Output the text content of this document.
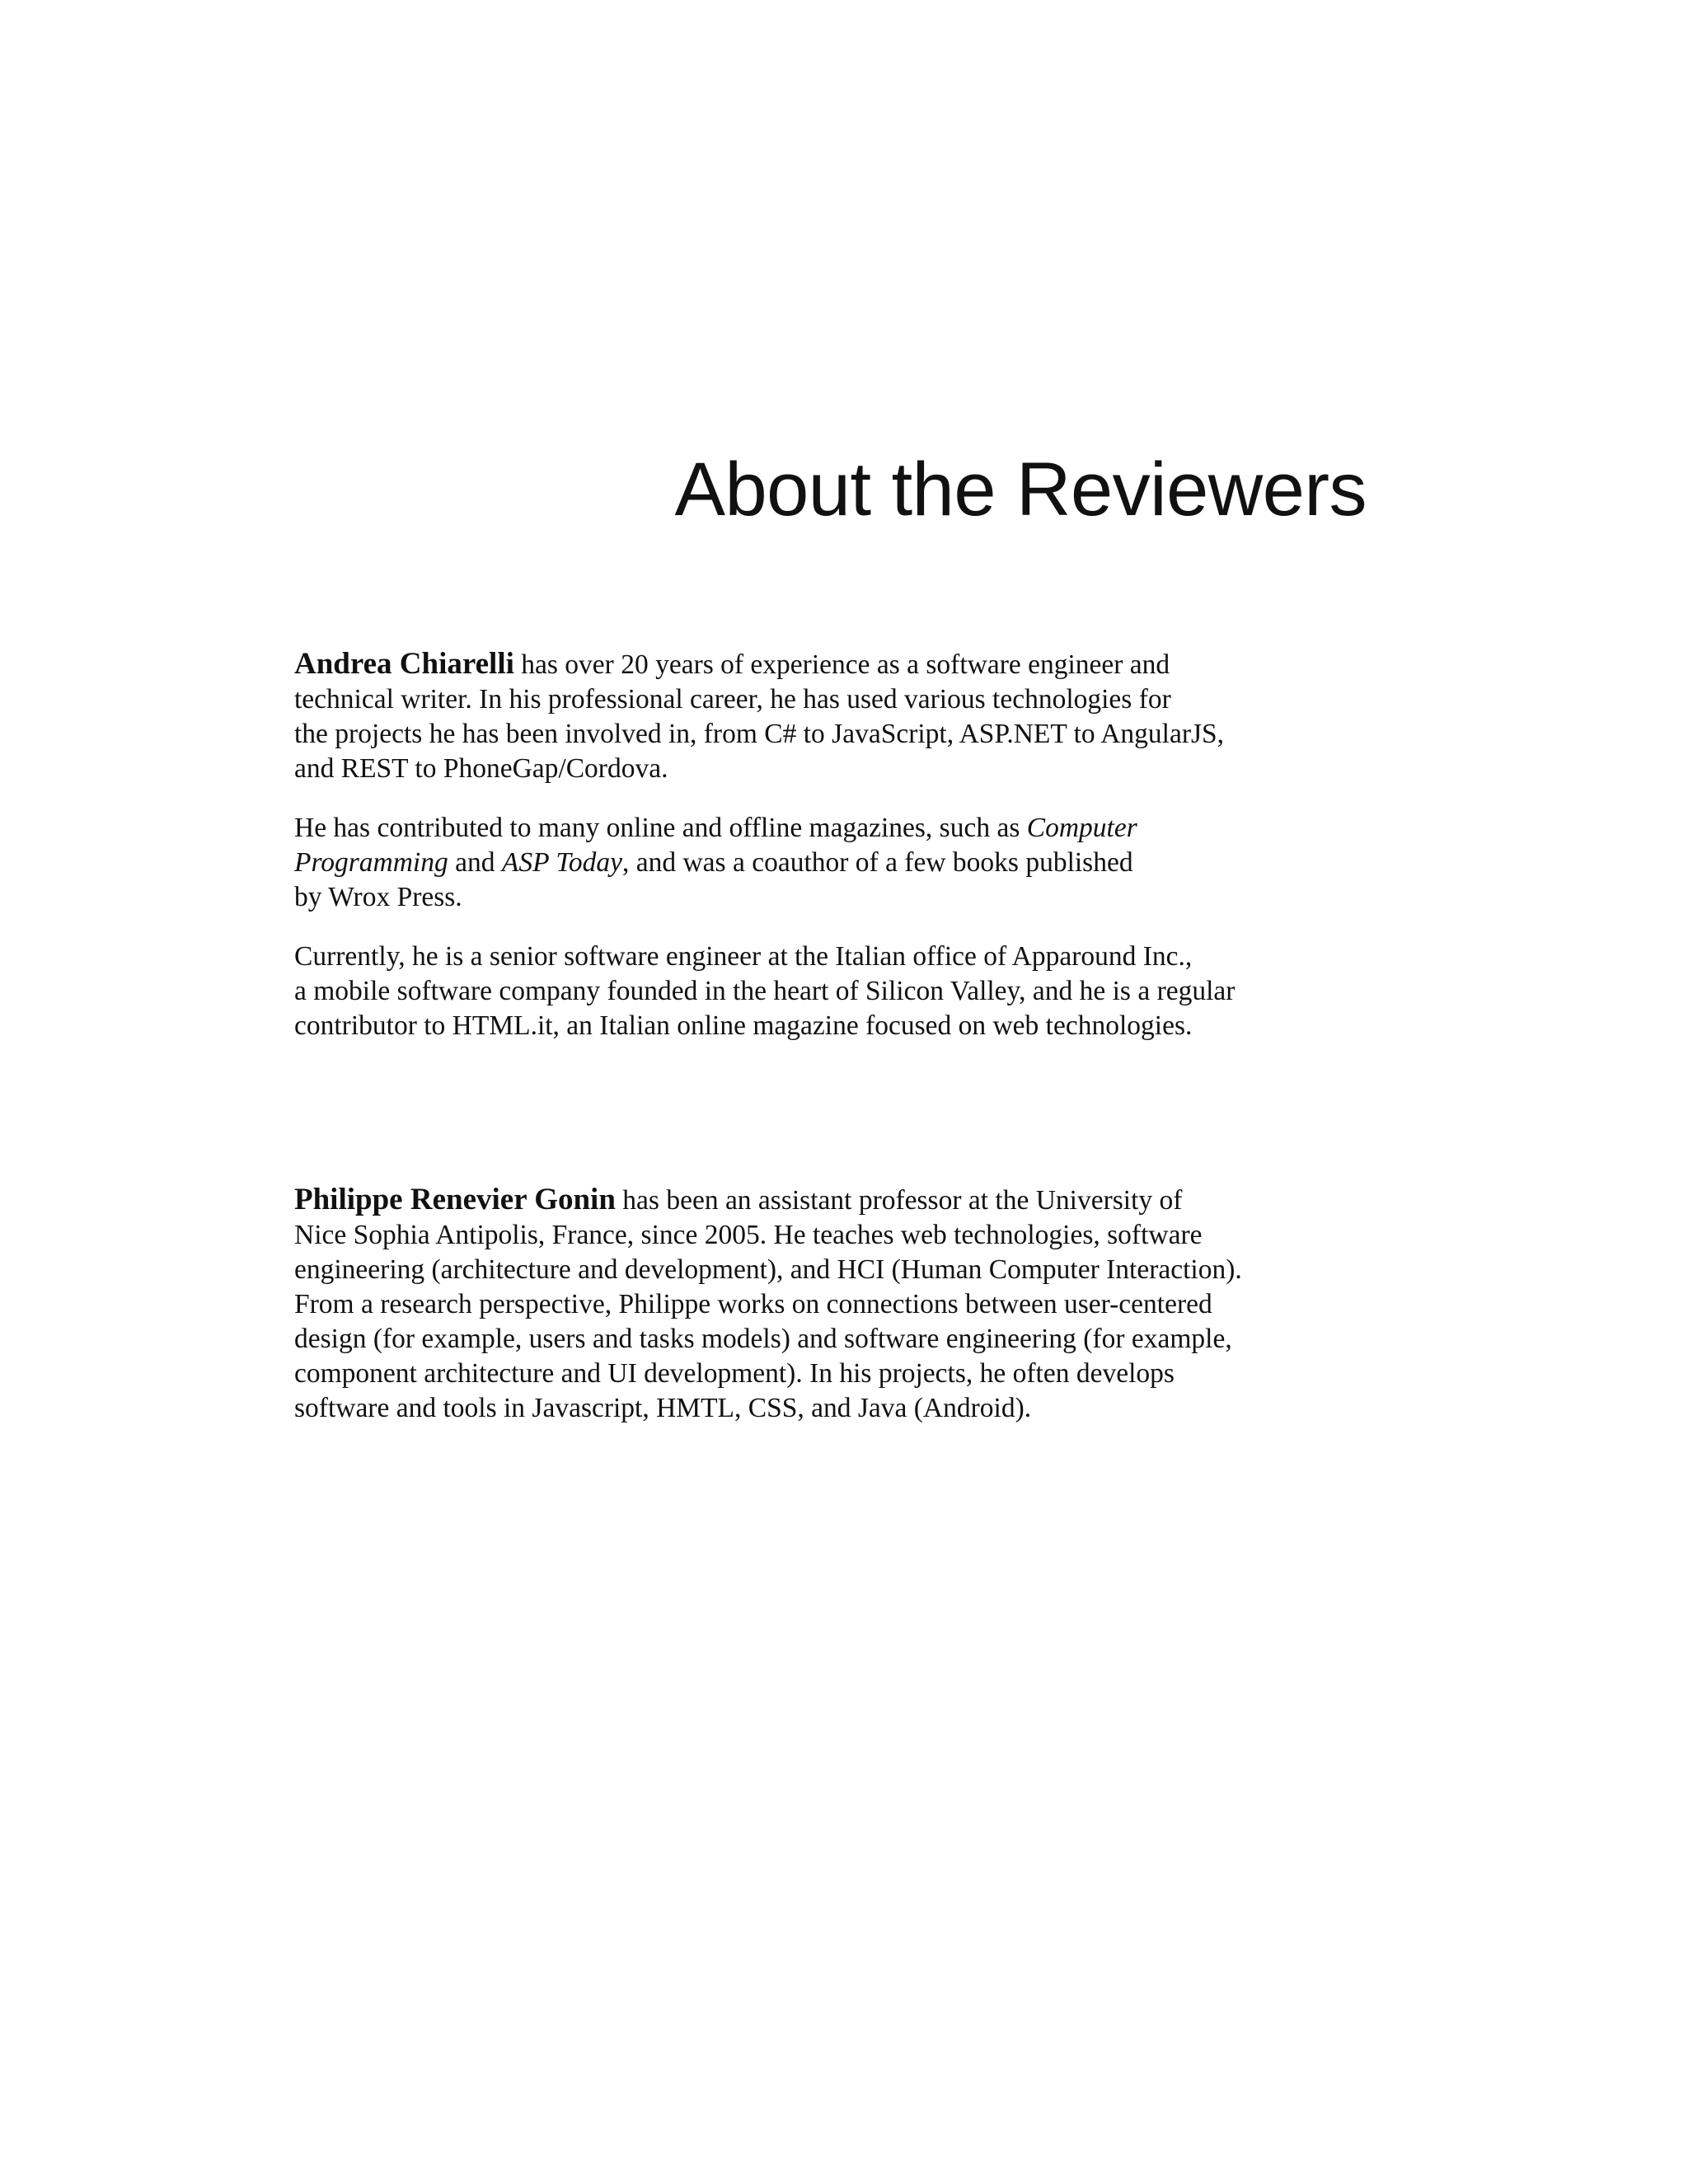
About the Reviewers

Andrea Chiarelli has over 20 years of experience as a software engineer and
technical writer. In his professional career, he has used various technologies for
the projects he has been involved in, from C# to JavaScript, ASP.NET to AngularJS,
and REST to PhoneGap/Cordova.

He has contributed to many online and offline magazines, such as Computer
Programming and ASP Today, and was a coauthor of a few books published
by Wrox Press.

Currently, he is a senior software engineer at the Italian office of Apparound Inc.,
a mobile software company founded in the heart of Silicon Valley, and he is a regular
contributor to HTML.it, an Italian online magazine focused on web technologies.

Philippe Renevier Gonin has been an assistant professor at the University of
Nice Sophia Antipolis, France, since 2005. He teaches web technologies, software
engineering (architecture and development), and HCI (Human Computer Interaction).
From a research perspective, Philippe works on connections between user-centered
design (for example, users and tasks models) and software engineering (for example,
component architecture and UI development). In his projects, he often develops
software and tools in Javascript, HMTL, CSS, and Java (Android).
